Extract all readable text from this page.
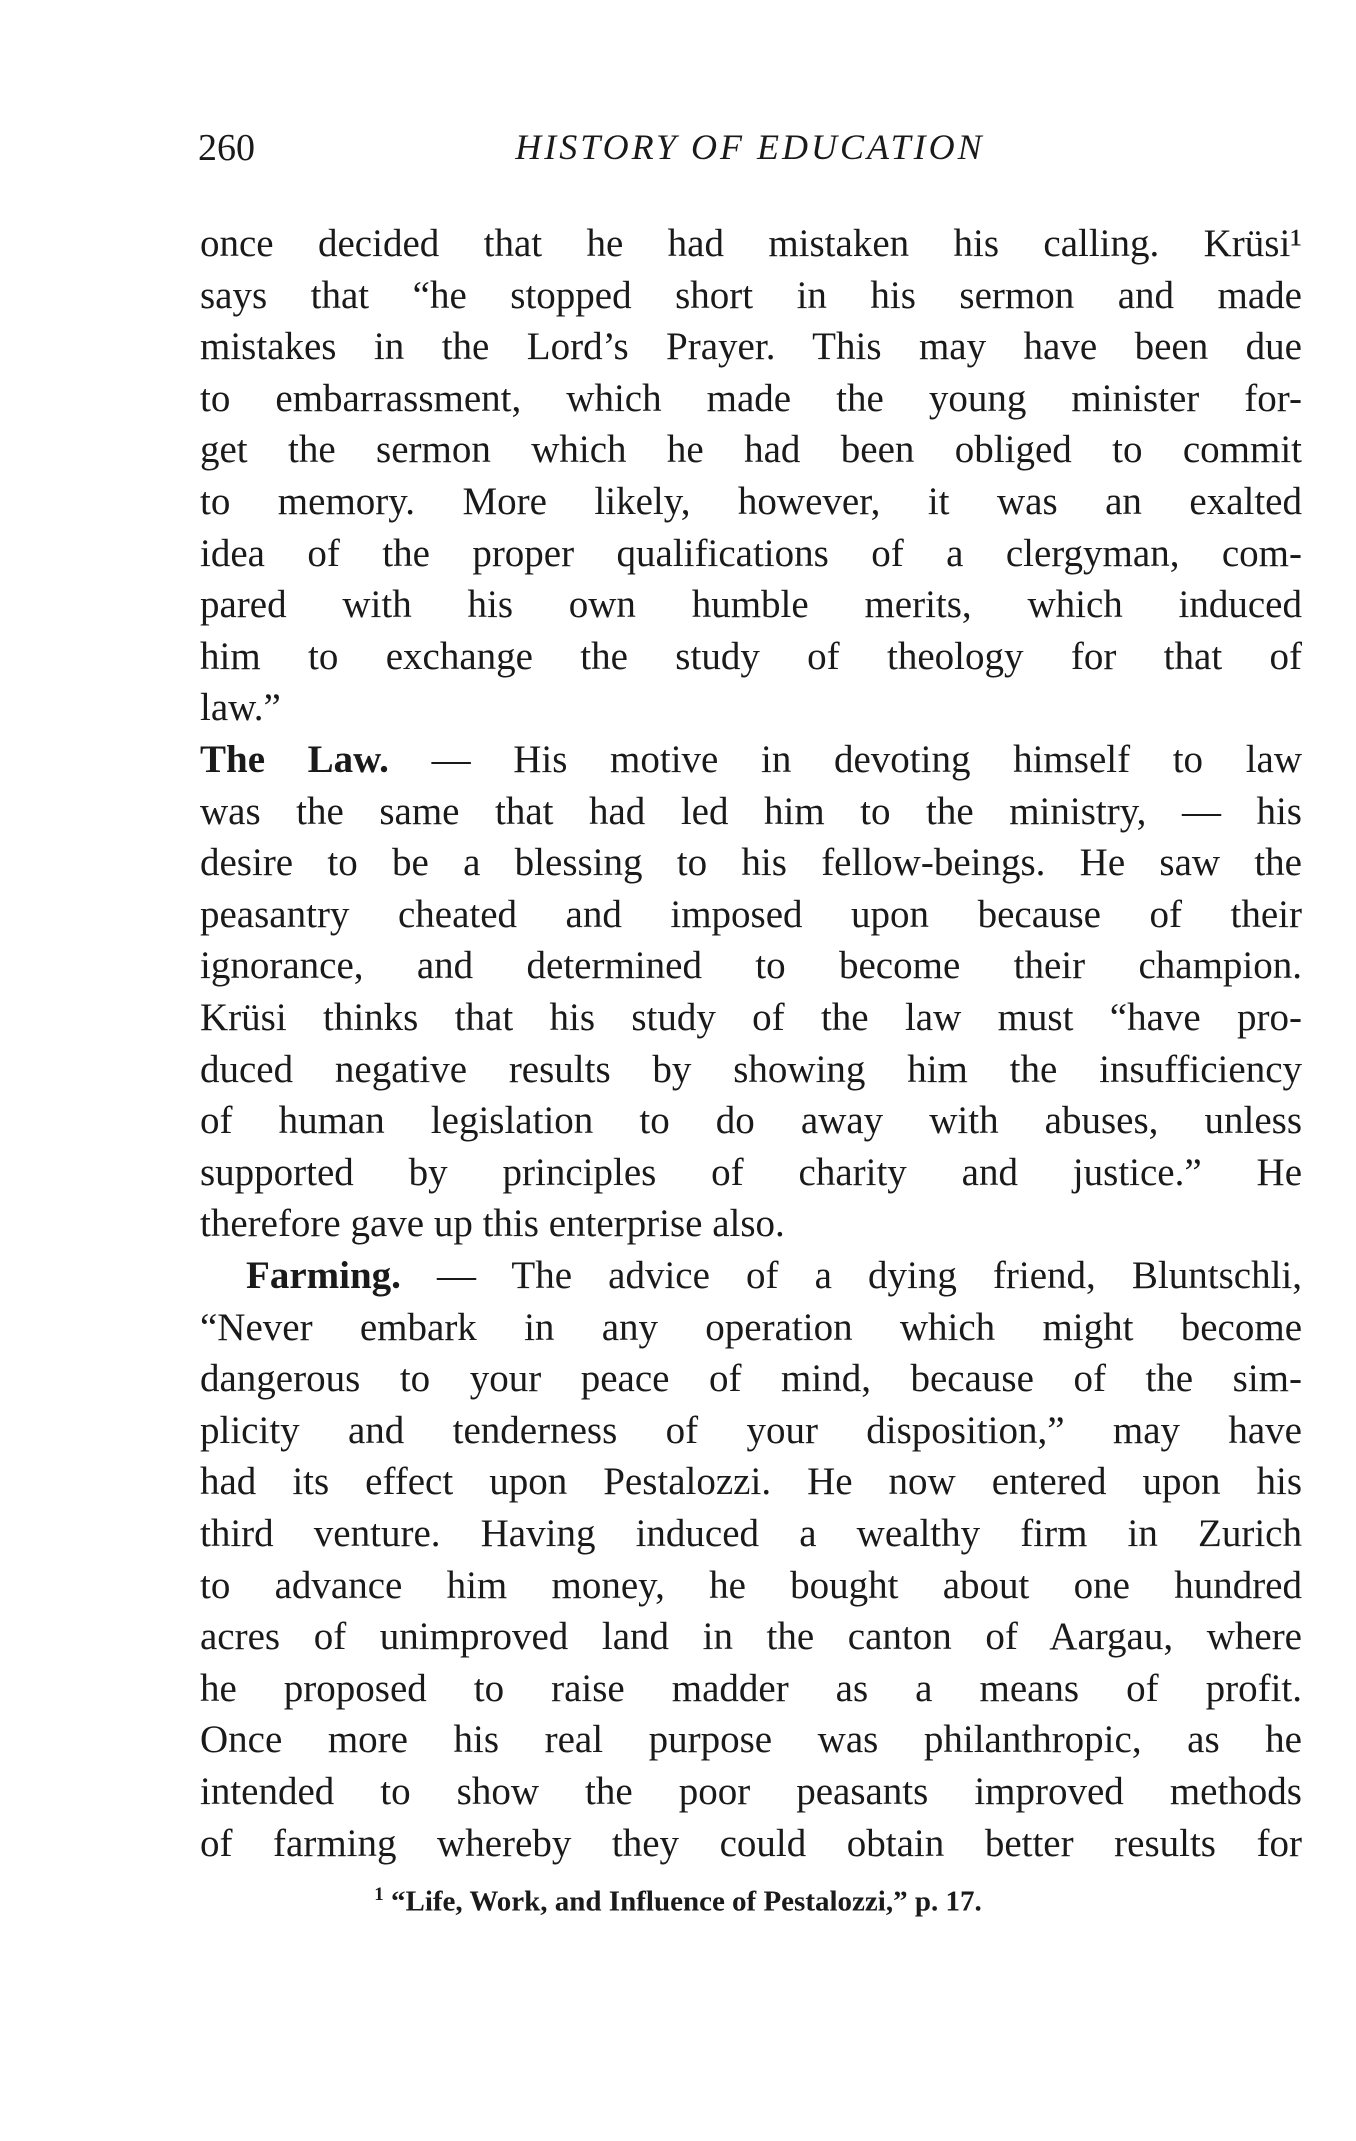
260	HISTORY OF EDUCATION
once decided that he had mistaken his calling. Krüsi¹
says that “he stopped short in his sermon and made
mistakes in the Lord’s Prayer. This may have been due
to embarrassment, which made the young minister for-
get the sermon which he had been obliged to commit
to memory. More likely, however, it was an exalted
idea of the proper qualifications of a clergyman, com-
pared with his own humble merits, which induced
him to exchange the study of theology for that of
law.”
The Law. — His motive in devoting himself to law
was the same that had led him to the ministry, — his
desire to be a blessing to his fellow-beings. He saw the
peasantry cheated and imposed upon because of their
ignorance, and determined to become their champion.
Krüsi thinks that his study of the law must “have pro-
duced negative results by showing him the insufficiency
of human legislation to do away with abuses, unless
supported by principles of charity and justice.” He
therefore gave up this enterprise also.
Farming. — The advice of a dying friend, Bluntschli,
“Never embark in any operation which might become
dangerous to your peace of mind, because of the sim-
plicity and tenderness of your disposition,” may have
had its effect upon Pestalozzi. He now entered upon his
third venture. Having induced a wealthy firm in Zurich
to advance him money, he bought about one hundred
acres of unimproved land in the canton of Aargau, where
he proposed to raise madder as a means of profit.
Once more his real purpose was philanthropic, as he
intended to show the poor peasants improved methods
of farming whereby they could obtain better results for
$^1$ “Life, Work, and Influence of Pestalozzi,” p. 17.
